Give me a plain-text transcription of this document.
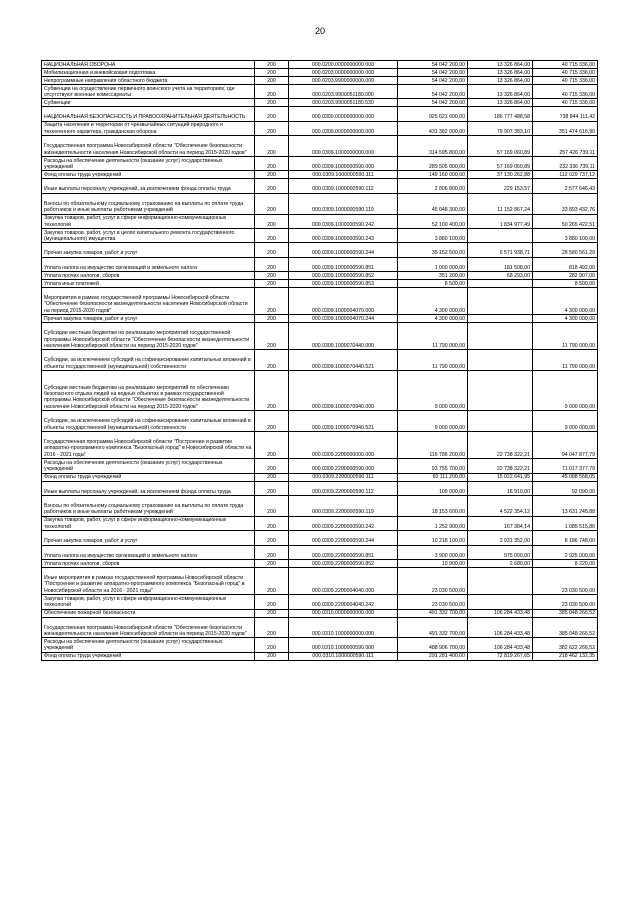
20
НАЦИОНАЛЬНАЯ ОБОРОНА	200	000.0200.0000000000.000	54 042 200,00	13 326 864,00	40 715 336,00
Мобилизационная и вневойсковая подготовка	200	000.0203.0000000000.000	54 042 200,00	13 326 864,00	40 715 336,00
Непрограммные направления областного бюджета	200	000.0203.9900000000.000	54 042 200,00	13 326 864,00	40 715 336,00
Субвенции на осуществление первичного воинского учета на территориях, где отсутствуют военные комиссариаты	200	000.0203.9900051180.000	54 042 200,00	13 326 864,00	40 715 336,00
Субвенции	200	000.0203.9900051180.530	54 042 200,00	13 326 864,00	40 715 336,00
НАЦИОНАЛЬНАЯ БЕЗОПАСНОСТЬ И ПРАВООХРАНИТЕЛЬНАЯ ДЕЯТЕЛЬНОСТЬ	200	000.0300.0000000000.000	925 621 600,00	186 777 488,58	738 844 111,42
Защита населения и территории от чрезвычайных ситуаций природного и техногенного характера, гражданская оборона	200	000.0309.0000000000.000	431 382 000,00	79 907 383,10	351 474 616,90
Государственная программа Новосибирской области "Обеспечение безопасности жизнедеятельности населения Новосибирской области на период 2015-2020 годов"	200	000.0309.1000000000.000	314 595 800,00	57 169 060,89	257 426 739,11
Расходы на обеспечение деятельности (оказание услуг) государственных учреждений	200	000.0309.1000000590.000	289 505 800,00	57 169 060,89	232 336 739,11
Фонд оплаты труда учреждений	200	000.0309.1000000590.111	149 160 000,00	37 130 262,88	112 029 737,12
Иные выплаты персоналу учреждений, за исключением фонда оплаты труда	200	000.0309.1000000590.112	2 806 800,00	229 153,57	2 577 646,43
Взносы по обязательному социальному страхованию на выплаты по оплате труда работников и иные выплаты работникам учреждений	200	000.0309.1000000590.119	45 048 300,00	11 152 867,24	33 893 432,76
Закупка товаров, работ, услуг в сфере информационно-коммуникационных технологий	200	000.0309.1000000590.242	52 100 400,00	1 834 977,49	50 265 422,51
Закупка товаров, работ, услуг в целях капитального ремонта государственного (муниципального) имущества	200	000.0309.1000000590.243	3 880 100,00		3 880 100,00
Прочая закупка товаров, работ и услуг	200	000.0309.1000000590.244	35 152 500,00	6 571 938,71	28 580 561,29
Уплата налога на имущество организаций и земельного налога	200	000.0309.1000000590.851	1 000 000,00	181 508,00	818 492,00
Уплата прочих налогов, сборов	200	000.0309.1000000590.852	351 200,00	68 293,00	282 907,00
Уплата иных платежей	200	000.0309.1000000590.853	8 500,00		8 500,00
Мероприятия в рамках государственной программы Новосибирской области "Обеспечение безопасности жизнедеятельности населения Новосибирской области на период 2015-2020 годов"	200	000.0309.1000004070.000	4 300 000,00		4 300 000,00
Прочая закупка товаров, работ и услуг	200	000.0309.1000004070.244	4 300 000,00		4 300 000,00
Субсидии местным бюджетам на реализацию мероприятий государственной программы Новосибирской области "Обеспечение безопасности жизнедеятельности населения Новосибирской области на период 2015-2020 годов"	200	000.0309.1000070440.000	11 790 000,00		11 790 000,00
Субсидии, за исключением субсидий на софинансирование капитальных вложений в объекты государственной (муниципальной) собственности	200	000.0309.1000070440.521	11 790 000,00		11 790 000,00
Субсидии местным бюджетам на реализацию мероприятий по обеспечению безопасного отдыха людей на водных объектах в рамках государственной программы Новосибирской области "Обеспечение безопасности жизнедеятельности населения Новосибирской области на период 2015-2020 годов"	200	000.0309.1000070940.000	9 000 000,00		9 000 000,00
Субсидии, за исключением субсидий на софинансирование капитальных вложений в объекты государственной (муниципальной) собственности	200	000.0309.1000070940.521	9 000 000,00		9 000 000,00
Государственная программа Новосибирской области "Построение и развитие аппаратно-программного комплекса "Безопасный город" в Новосибирской области на 2016 - 2021 годы"	200	000.0309.2200000000.000	116 786 200,00	22 738 322,21	94 047 877,79
Расходы на обеспечение деятельности (оказание услуг) государственных учреждений	200	000.0309.2200000590.000	93 755 700,00	22 738 322,21	71 017 377,79
Фонд оплаты труда учреждений	200	000.0309.2200000590.111	60 111 200,00	15 022 641,95	45 088 558,05
Иные выплаты персоналу учреждений, за исключением фонда оплаты труда	200	000.0309.2200000590.112	109 000,00	16 910,00	92 090,00
Взносы по обязательному социальному страхованию на выплаты по оплате труда работников и иные выплаты работникам учреждений	200	000.0309.2200000590.119	18 153 600,00	4 522 354,12	13 631 245,88
Закупка товаров, работ, услуг в сфере информационно-коммуникационных технологий	200	000.0309.2200000590.242	1 252 900,00	167 384,14	1 085 515,86
Прочая закупка товаров, работ и услуг	200	000.0309.2200000590.244	10 218 100,00	2 031 352,00	8 186 748,00
Уплата налога на имущество организаций и земельного налога	200	000.0309.2200000590.851	3 900 000,00	975 000,00	2 925 000,00
Уплата прочих налогов, сборов	200	000.0309.2200000590.852	10 900,00	2 680,00	8 220,00
Иные мероприятия в рамках государственной программы Новосибирской области "Построение и развитие аппаратно-программного комплекса "Безопасный город" в Новосибирской области на 2016 - 2021 годы"	200	000.0309.2200004040.000	23 030 500,00		23 030 500,00
Закупка товаров, работ, услуг в сфере информационно-коммуникационных технологий	200	000.0309.2200004040.242	23 030 500,00		23 030 500,00
Обеспечение пожарной безопасности	200	000.0310.0000000000.000	491 332 700,00	106 284 433,48	385 048 266,52
Государственная программа Новосибирской области "Обеспечение безопасности жизнедеятельности населения Новосибирской области на период 2015-2020 годов"	200	000.0310.1000000000.000	491 332 700,00	106 284 433,48	385 048 266,52
Расходы на обеспечение деятельности (оказание услуг) государственных учреждений	200	000.0310.1000000590.000	488 906 700,00	106 284 433,48	382 622 266,52
Фонд оплаты труда учреждений	200	000.0310.1000000590.111	291 281 400,00	72 819 267,65	218 462 132,35
